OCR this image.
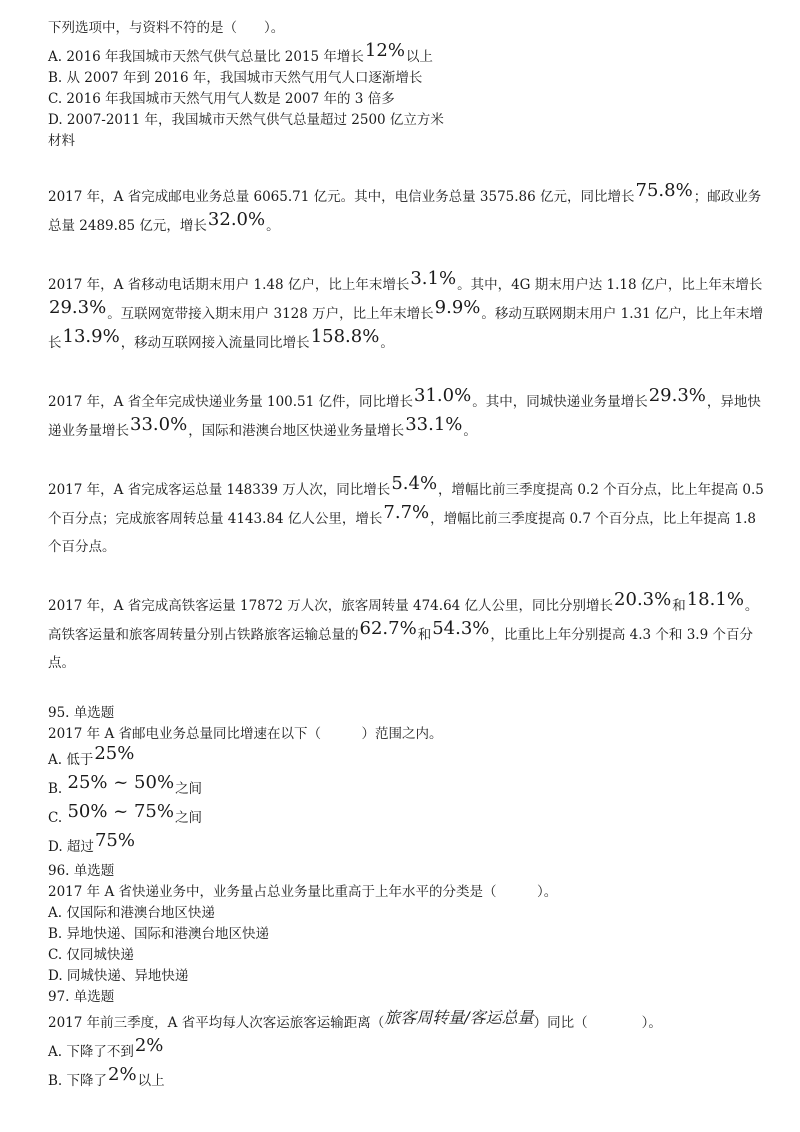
下列选项中，与资料不符的是（　　）。
A. 2016 年我国城市天然气供气总量比 2015 年增长12%以上
B. 从 2007 年到 2016 年，我国城市天然气用气人口逐渐增长
C. 2016 年我国城市天然气用气人数是 2007 年的 3 倍多
D. 2007-2011 年，我国城市天然气供气总量超过 2500 亿立方米
材料

2017 年，A 省完成邮电业务总量 6065.71 亿元。其中，电信业务总量 3575.86 亿元，同比增长75.8%；邮政业务总量 2489.85 亿元，增长32.0%。

2017 年，A 省移动电话期末用户 1.48 亿户，比上年末增长3.1%。其中，4G 期末用户达 1.18 亿户，比上年末增长29.3%。互联网宽带接入期末用户 3128 万户，比上年末增长9.9%。移动互联网期末用户 1.31 亿户，比上年末增长13.9%，移动互联网接入流量同比增长158.8%。

2017 年，A 省全年完成快递业务量 100.51 亿件，同比增长31.0%。其中，同城快递业务量增长29.3%，异地快递业务量增长33.0%，国际和港澳台地区快递业务量增长33.1%。

2017 年，A 省完成客运总量 148339 万人次，同比增长5.4%，增幅比前三季度提高 0.2 个百分点，比上年提高 0.5 个百分点；完成旅客周转总量 4143.84 亿人公里，增长7.7%，增幅比前三季度提高 0.7 个百分点，比上年提高 1.8 个百分点。

2017 年，A 省完成高铁客运量 17872 万人次，旅客周转量 474.64 亿人公里，同比分别增长20.3%和18.1%。高铁客运量和旅客周转量分别占铁路旅客运输总量的62.7%和54.3%，比重比上年分别提高 4.3 个和 3.9 个百分点。

95. 单选题
2017 年 A 省邮电业务总量同比增速在以下（　　　）范围之内。
A. 低于25%
B. 25% ~ 50%之间
C. 50% ~ 75%之间
D. 超过75%
96. 单选题
2017 年 A 省快递业务中，业务量占总业务量比重高于上年水平的分类是（　　　）。
A. 仅国际和港澳台地区快递
B. 异地快递、国际和港澳台地区快递
C. 仅同城快递
D. 同城快递、异地快递
97. 单选题
2017 年前三季度，A 省平均每人次客运旅客运输距离（旅客周转量/客运总量）同比（　　　　）。
A. 下降了不到2%
B. 下降了2%以上
